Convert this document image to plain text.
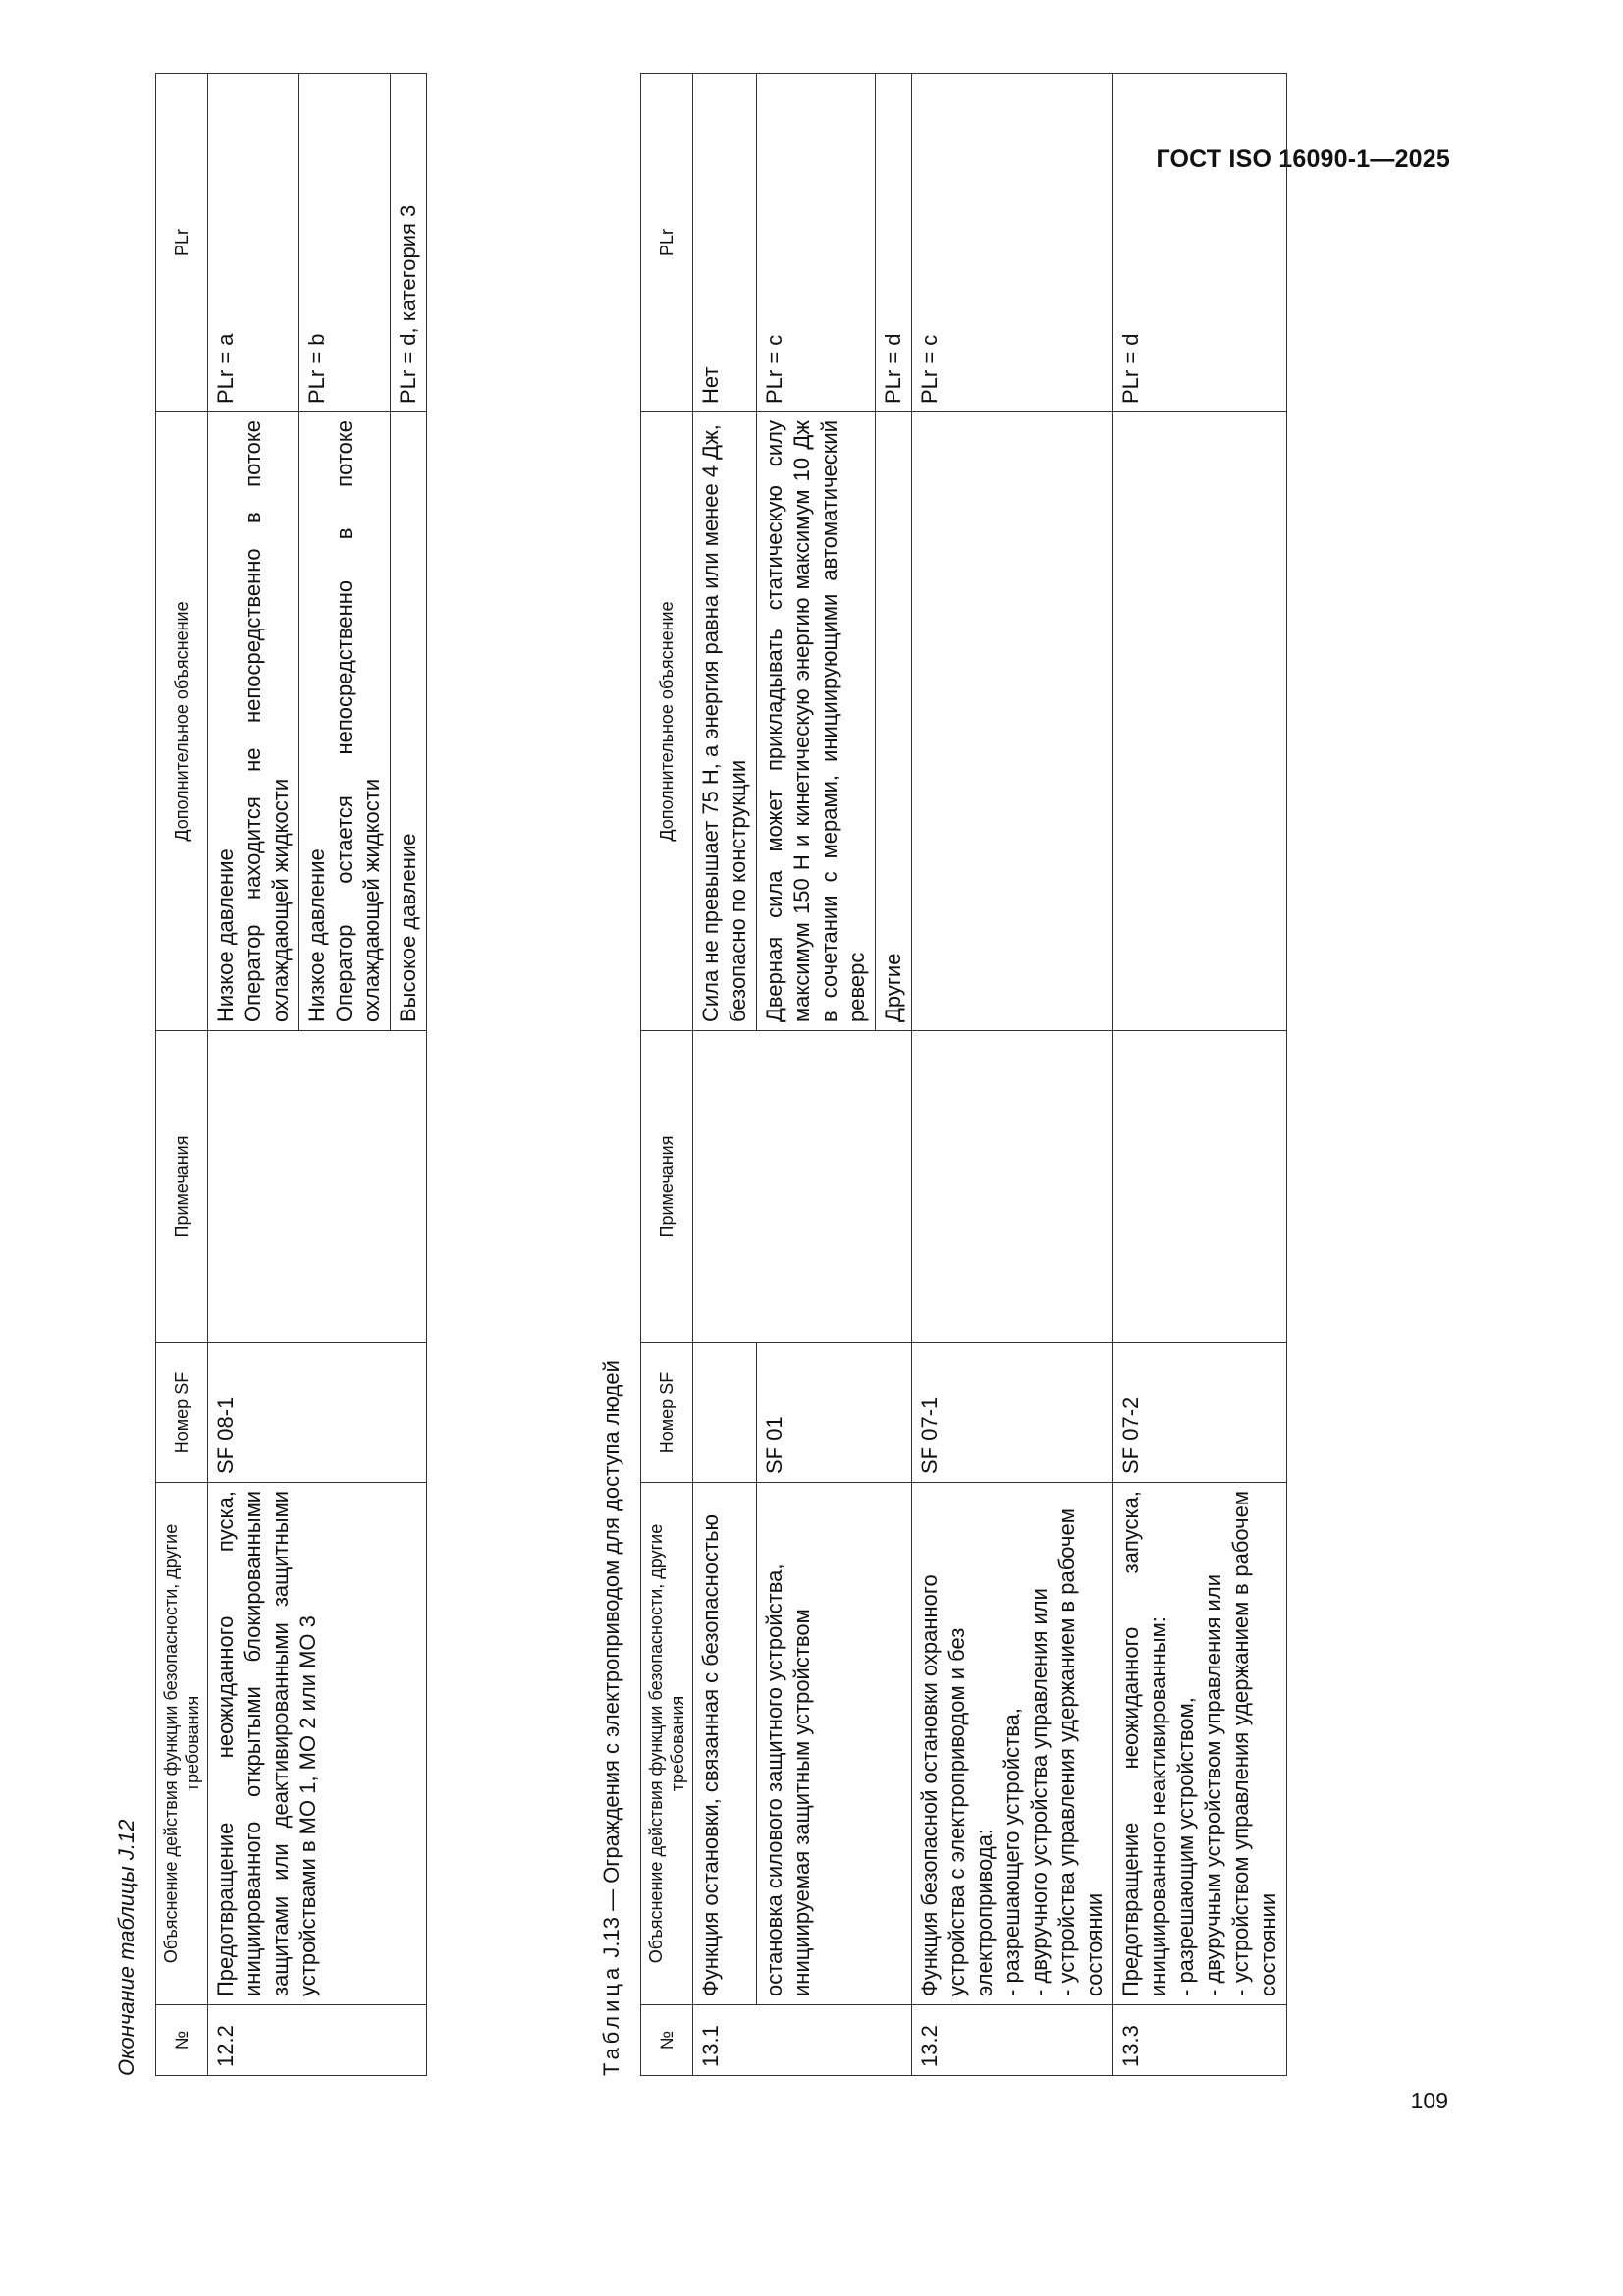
ГОСТ ISO 16090-1—2025
109
Окончание таблицы J.12 №	Объяснение действия функции безопасности, другие требования	Номер SF	Примечания	Дополнительное объяснение	PLr
12.2	Предотвращение неожиданного пуска, инициированного открытыми блокированными защитами или деактивированными защитными устройствами в MO 1, MO 2 или MO 3	SF 08-1		Низкое давление Оператор находится не непосредственно в потоке охлаждающей жидкости	PLr = a

				Низкое давление Оператор остается непосредственно в потоке охлаждающей жидкости	PLr = b
				Высокое давление	PLr = d, категория 3
Таблица J.13 — Ограждения с электроприводом для доступа людей
№	Объяснение действия функции безопасности, другие требования	Номер SF	Примечания	Дополнительное объяснение	PLr
13.1	Функция остановки, связанная с безопасностью			Сила не превышает 75 Н, а энергия равна или менее 4 Дж, безопасно по конструкции	Нет
	остановка силового защитного устройства, инициируемая защитным устройством	SF 01		Дверная сила может прикладывать статическую силу максимум 150 Н и кинетическую энергию максимум 10 Дж в сочетании с мерами, инициирующими автоматический реверс	PLr = c
				Другие	PLr = d
13.2	Функция безопасной остановки охранного устройства с электроприводом и без электропривода: - разрешающего устройства, - двуручного устройства управления или - устройства управления удержанием в рабочем состоянии	SF 07-1			PLr = c
13.3	Предотвращение неожиданного запуска, инициированного неактивированным: - разрешающим устройством, - двуручным устройством управления или - устройством управления удержанием в рабочем состоянии	SF 07-2			PLr = d
